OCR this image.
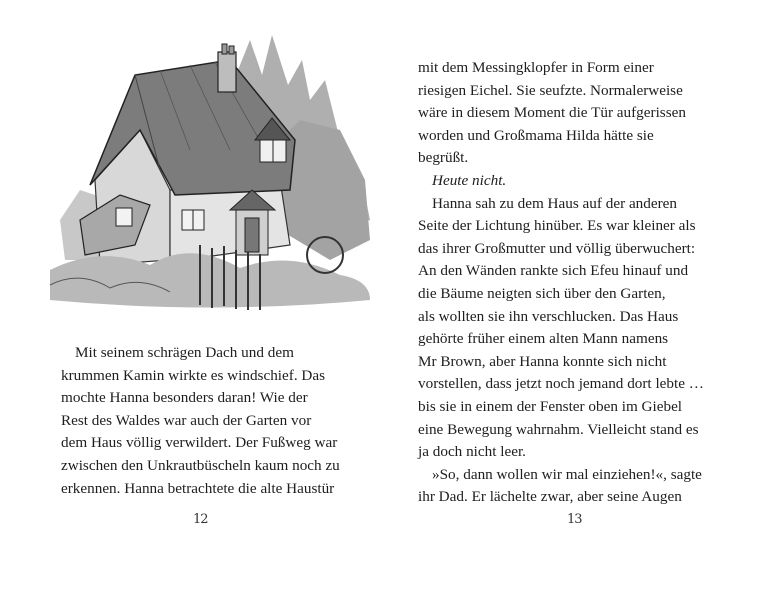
Mit seinem schrägen Dach und dem
krummen Kamin wirkte es windschief. Das
mochte Hanna besonders daran! Wie der
Rest des Waldes war auch der Garten vor
dem Haus völlig verwildert. Der Fußweg war
zwischen den Unkrautbüscheln kaum noch zu
erkennen. Hanna betrachtete die alte Haustür
12
mit dem Messingklopfer in Form einer
riesigen Eichel. Sie seufzte. Normalerweise
wäre in diesem Moment die Tür aufgerissen
worden und Großmama Hilda hätte sie
begrüßt.
Heute nicht.
Hanna sah zu dem Haus auf der anderen
Seite der Lichtung hinüber. Es war kleiner als
das ihrer Großmutter und völlig überwuchert:
An den Wänden rankte sich Efeu hinauf und
die Bäume neigten sich über den Garten,
als wollten sie ihn verschlucken. Das Haus
gehörte früher einem alten Mann namens
Mr Brown, aber Hanna konnte sich nicht
vorstellen, dass jetzt noch jemand dort lebte …
bis sie in einem der Fenster oben im Giebel
eine Bewegung wahrnahm. Vielleicht stand es
ja doch nicht leer.
»So, dann wollen wir mal einziehen!«, sagte
ihr Dad. Er lächelte zwar, aber seine Augen
13
